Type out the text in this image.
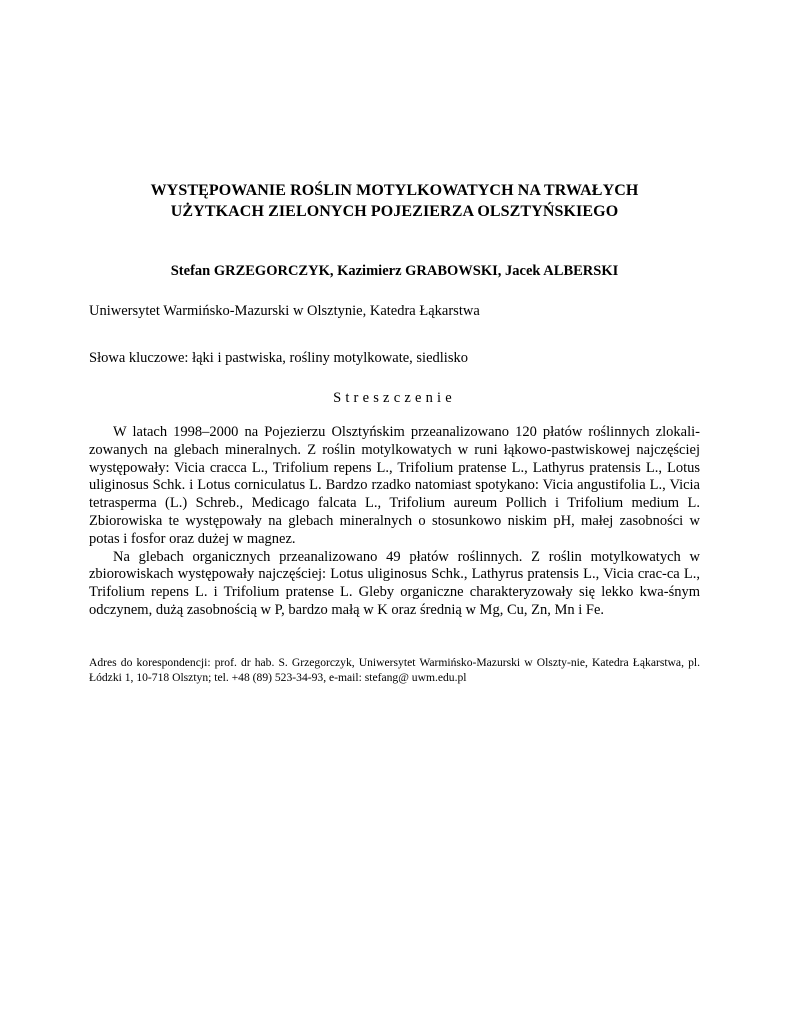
WYSTĘPOWANIE ROŚLIN MOTYLKOWATYCH NA TRWAŁYCH
UŻYTKACH ZIELONYCH POJEZIERZA OLSZTYŃSKIEGO
Stefan GRZEGORCZYK, Kazimierz GRABOWSKI, Jacek ALBERSKI
Uniwersytet Warmińsko-Mazurski w Olsztynie, Katedra Łąkarstwa
Słowa kluczowe: łąki i pastwiska, rośliny motylkowate, siedlisko
Streszczenie

W latach 1998–2000 na Pojezierzu Olsztyńskim przeanalizowano 120 płatów roślinnych zlokali-zowanych na glebach mineralnych. Z roślin motylkowatych w runi łąkowo-pastwiskowej najczęściej występowały: Vicia cracca L., Trifolium repens L., Trifolium pratense L., Lathyrus pratensis L., Lotus uliginosus Schk. i Lotus corniculatus L. Bardzo rzadko natomiast spotykano: Vicia angustifolia L., Vicia tetrasperma (L.) Schreb., Medicago falcata L., Trifolium aureum Pollich i Trifolium medium L. Zbiorowiska te występowały na glebach mineralnych o stosunkowo niskim pH, małej zasobności w potas i fosfor oraz dużej w magnez.

Na glebach organicznych przeanalizowano 49 płatów roślinnych. Z roślin motylkowatych w zbiorowiskach występowały najczęściej: Lotus uliginosus Schk., Lathyrus pratensis L., Vicia crac-ca L., Trifolium repens L. i Trifolium pratense L. Gleby organiczne charakteryzowały się lekko kwa-śnym odczynem, dużą zasobnością w P, bardzo małą w K oraz średnią w Mg, Cu, Zn, Mn i Fe.

Adres do korespondencji: prof. dr hab. S. Grzegorczyk, Uniwersytet Warmińsko-Mazurski w Olszty-nie, Katedra Łąkarstwa, pl. Łódzki 1, 10-718 Olsztyn; tel. +48 (89) 523-34-93, e-mail: stefang@ uwm.edu.pl
